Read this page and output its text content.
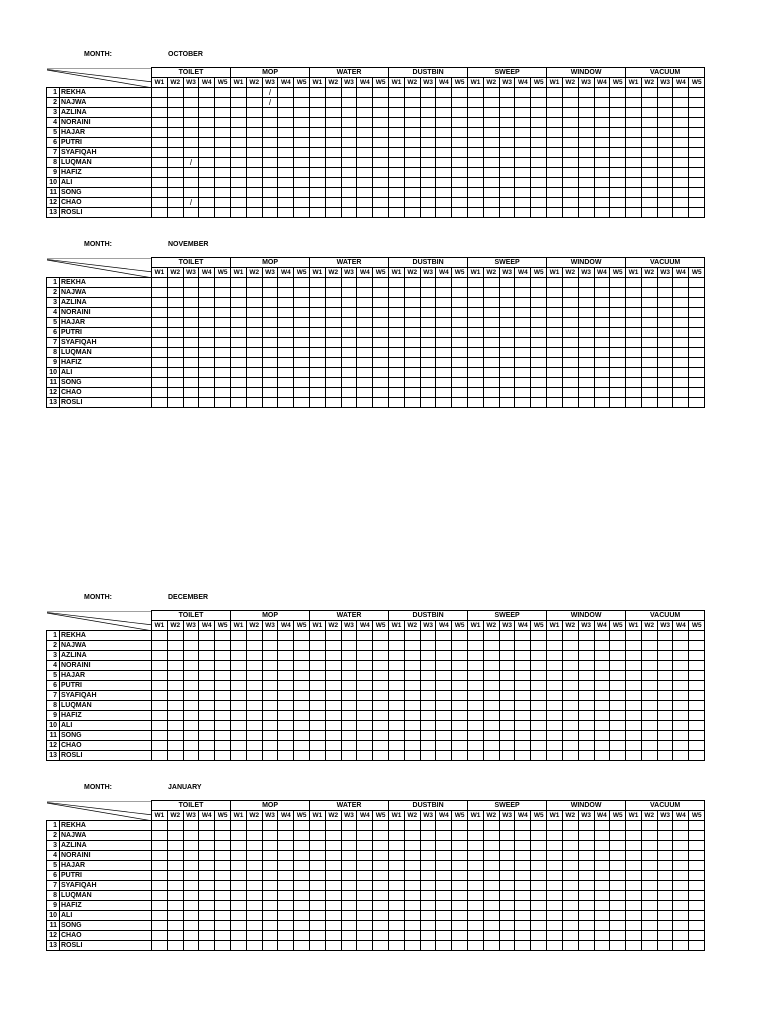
MONTH:	OCTOBER
	TOILET					MOP					WATER					DUSTBIN					SWEEP					WINDOW					VACUUM				
		W1	W2	W3	W4	W5	W1	W2	W3	W4	W5	W1	W2	W3	W4	W5	W1	W2	W3	W4	W5	W1	W2	W3	W4	W5	W1	W2	W3	W4	W5	W1	W2	W3	W4	W5
1	REKHA								/																											
2	NAJWA								/																											
3	AZLINA																																			
4	NORAINI																																			
5	HAJAR																																			
6	PUTRI																																			
7	SYAFIQAH																																			
8	LUQMAN			/																																
9	HAFIZ																																			
10	ALI																																			
11	SONG																																			
12	CHAO			/																																
13	ROSLI																																			
MONTH:	NOVEMBER
	TOILET					MOP					WATER					DUSTBIN					SWEEP					WINDOW					VACUUM				
		W1	W2	W3	W4	W5	W1	W2	W3	W4	W5	W1	W2	W3	W4	W5	W1	W2	W3	W4	W5	W1	W2	W3	W4	W5	W1	W2	W3	W4	W5	W1	W2	W3	W4	W5
1	REKHA																																			
2	NAJWA																																			
3	AZLINA																																			
4	NORAINI																																			
5	HAJAR																																			
6	PUTRI																																			
7	SYAFIQAH																																			
8	LUQMAN																																			
9	HAFIZ																																			
10	ALI																																			
11	SONG																																			
12	CHAO																																			
13	ROSLI																																			
MONTH:	DECEMBER
	TOILET					MOP					WATER					DUSTBIN					SWEEP					WINDOW					VACUUM				
		W1	W2	W3	W4	W5	W1	W2	W3	W4	W5	W1	W2	W3	W4	W5	W1	W2	W3	W4	W5	W1	W2	W3	W4	W5	W1	W2	W3	W4	W5	W1	W2	W3	W4	W5
1	REKHA																																			
2	NAJWA																																			
3	AZLINA																																			
4	NORAINI																																			
5	HAJAR																																			
6	PUTRI																																			
7	SYAFIQAH																																			
8	LUQMAN																																			
9	HAFIZ																																			
10	ALI																																			
11	SONG																																			
12	CHAO																																			
13	ROSLI																																			
MONTH:	JANUARY
	TOILET					MOP					WATER					DUSTBIN					SWEEP					WINDOW					VACUUM				
		W1	W2	W3	W4	W5	W1	W2	W3	W4	W5	W1	W2	W3	W4	W5	W1	W2	W3	W4	W5	W1	W2	W3	W4	W5	W1	W2	W3	W4	W5	W1	W2	W3	W4	W5
1	REKHA																																			
2	NAJWA																																			
3	AZLINA																																			
4	NORAINI																																			
5	HAJAR																																			
6	PUTRI																																			
7	SYAFIQAH																																			
8	LUQMAN																																			
9	HAFIZ																																			
10	ALI																																			
11	SONG																																			
12	CHAO																																			
13	ROSLI																																			
